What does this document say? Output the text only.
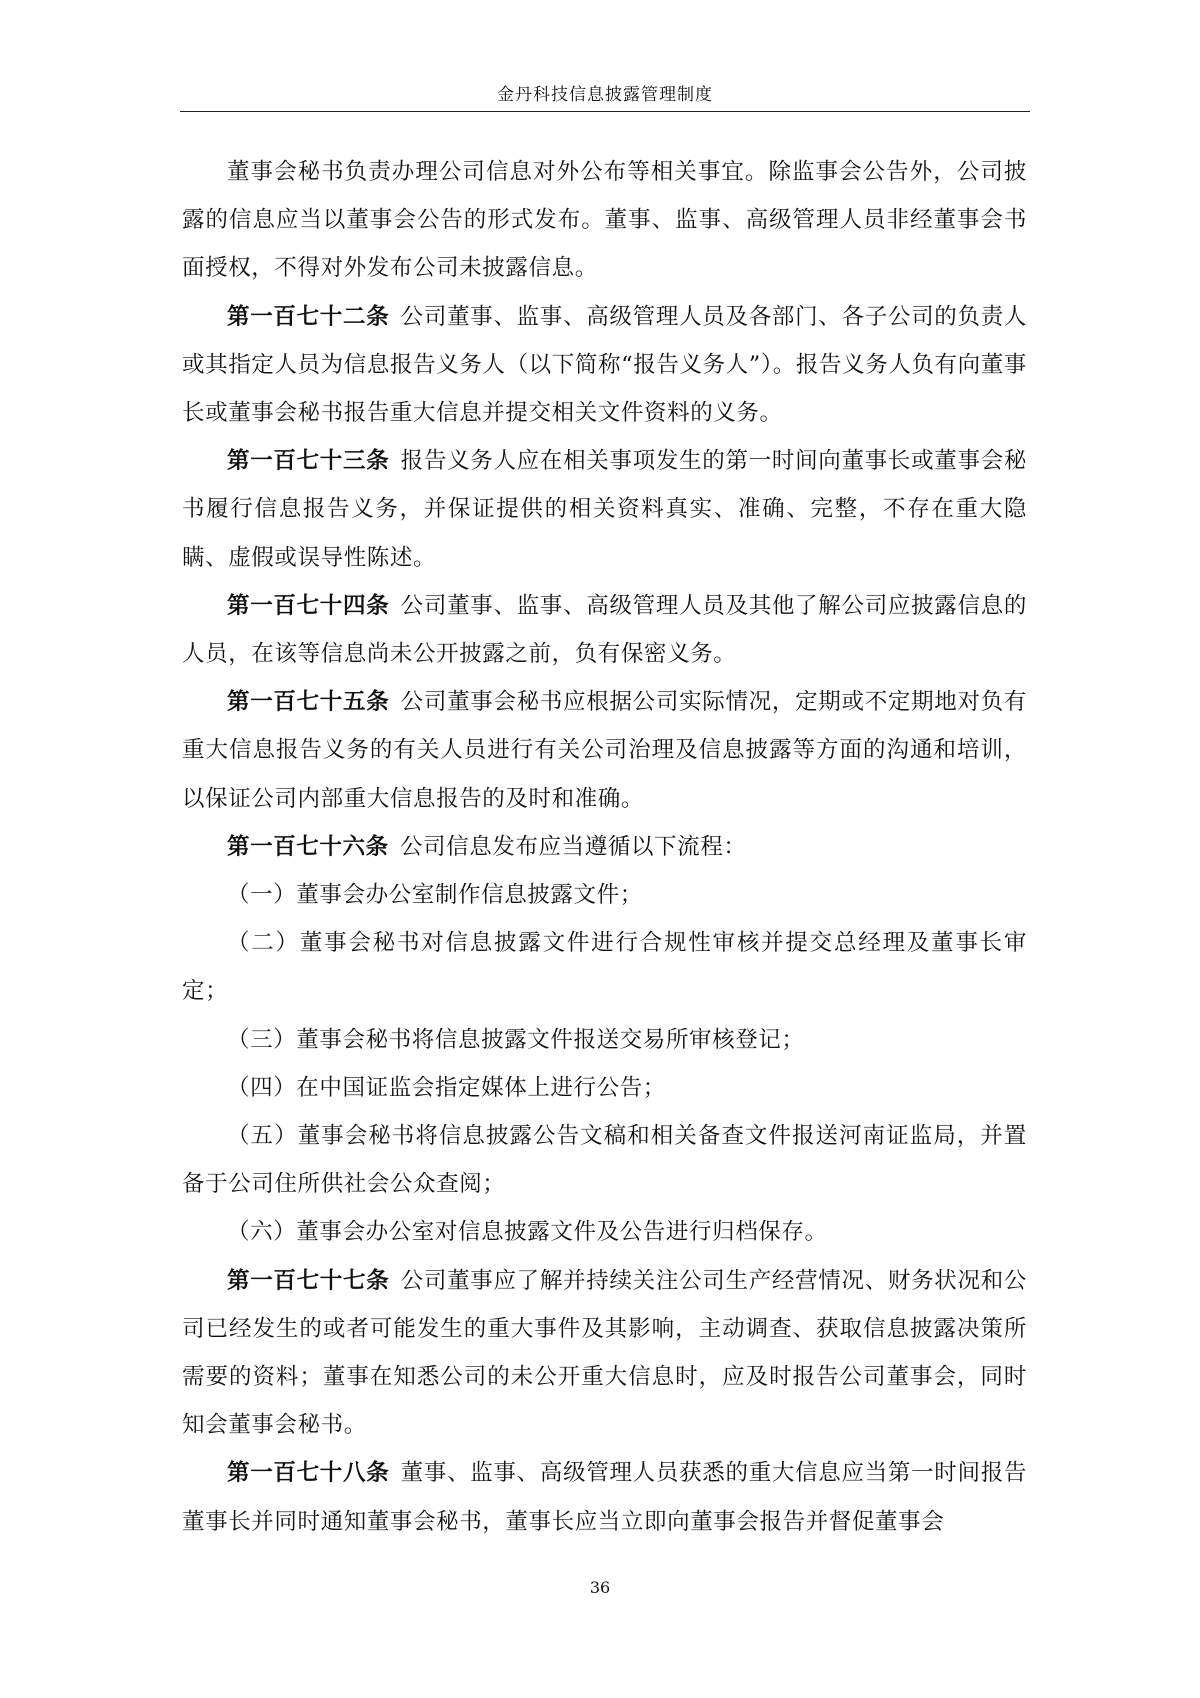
金丹科技信息披露管理制度

董事会秘书负责办理公司信息对外公布等相关事宜。除监事会公告外，公司披露的信息应当以董事会公告的形式发布。董事、监事、高级管理人员非经董事会书面授权，不得对外发布公司未披露信息。

第一百七十二条 公司董事、监事、高级管理人员及各部门、各子公司的负责人或其指定人员为信息报告义务人（以下简称“报告义务人”）。报告义务人负有向董事长或董事会秘书报告重大信息并提交相关文件资料的义务。

第一百七十三条 报告义务人应在相关事项发生的第一时间向董事长或董事会秘书履行信息报告义务，并保证提供的相关资料真实、准确、完整，不存在重大隐瞒、虚假或误导性陈述。

第一百七十四条 公司董事、监事、高级管理人员及其他了解公司应披露信息的人员，在该等信息尚未公开披露之前，负有保密义务。

第一百七十五条 公司董事会秘书应根据公司实际情况，定期或不定期地对负有重大信息报告义务的有关人员进行有关公司治理及信息披露等方面的沟通和培训，以保证公司内部重大信息报告的及时和准确。

第一百七十六条 公司信息发布应当遵循以下流程：

（一）董事会办公室制作信息披露文件；

（二）董事会秘书对信息披露文件进行合规性审核并提交总经理及董事长审定；

（三）董事会秘书将信息披露文件报送交易所审核登记；

（四）在中国证监会指定媒体上进行公告；

（五）董事会秘书将信息披露公告文稿和相关备查文件报送河南证监局，并置备于公司住所供社会公众查阅；

（六）董事会办公室对信息披露文件及公告进行归档保存。

第一百七十七条 公司董事应了解并持续关注公司生产经营情况、财务状况和公司已经发生的或者可能发生的重大事件及其影响，主动调查、获取信息披露决策所需要的资料；董事在知悉公司的未公开重大信息时，应及时报告公司董事会，同时知会董事会秘书。

第一百七十八条 董事、监事、高级管理人员获悉的重大信息应当第一时间报告董事长并同时通知董事会秘书，董事长应当立即向董事会报告并督促董事会

36
